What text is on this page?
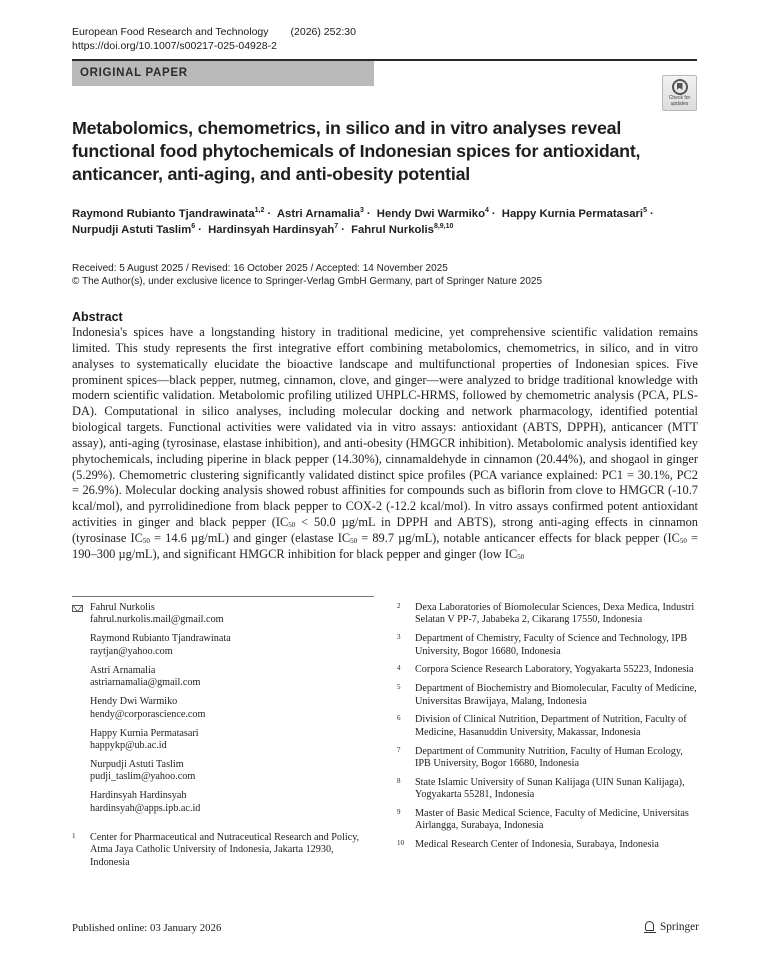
European Food Research and Technology (2026) 252:30
https://doi.org/10.1007/s00217-025-04928-2
ORIGINAL PAPER
Check for
updates
Metabolomics, chemometrics, in silico and in vitro analyses reveal functional food phytochemicals of Indonesian spices for antioxidant, anticancer, anti-aging, and anti-obesity potential
Raymond Rubianto Tjandrawinata$^{1,2}$ · Astri Arnamalia$^3$ · Hendy Dwi Warmiko$^4$ · Happy Kurnia Permatasari$^5$ ·
Nurpudji Astuti Taslim$^6$ · Hardinsyah Hardinsyah$^7$ · Fahrul Nurkolis$^{8,9,10}$
Received: 5 August 2025 / Revised: 16 October 2025 / Accepted: 14 November 2025
© The Author(s), under exclusive licence to Springer-Verlag GmbH Germany, part of Springer Nature 2025
Abstract
Indonesia's spices have a longstanding history in traditional medicine, yet comprehensive scientific validation remains limited. This study represents the first integrative effort combining metabolomics, chemometrics, in silico, and in vitro analyses to systematically elucidate the bioactive landscape and multifunctional properties of Indonesian spices. Five prominent spices—black pepper, nutmeg, cinnamon, clove, and ginger—were analyzed to bridge traditional knowledge with modern scientific validation. Metabolomic profiling utilized UHPLC-HRMS, followed by chemometric analysis (PCA, PLS-DA). Computational in silico analyses, including molecular docking and network pharmacology, identified potential biological targets. Functional activities were validated via in vitro assays: antioxidant (ABTS, DPPH), anticancer (MTT assay), anti-aging (tyrosinase, elastase inhibition), and anti-obesity (HMGCR inhibition). Metabolomic analysis identified key phytochemicals, including piperine in black pepper (14.30%), cinnamaldehyde in cinnamon (20.44%), and shogaol in ginger (5.29%). Chemometric clustering significantly validated distinct spice profiles (PCA variance explained: PC1 = 30.1%, PC2 = 26.9%). Molecular docking analysis showed robust affinities for compounds such as biflorin from clove to HMGCR (-10.7 kcal/mol), and pyrrolidinedione from black pepper to COX-2 (-12.2 kcal/mol). In vitro assays confirmed potent antioxidant activities in ginger and black pepper ($IC_{50} < 50.0$ µg/mL in DPPH and ABTS), strong anti-aging effects in cinnamon (tyrosinase $IC_{50} = 14.6$ µg/mL) and ginger (elastase $IC_{50} = 89.7$ µg/mL), notable anticancer effects for black pepper ($IC_{50} = 190-300$ µg/mL), and significant HMGCR inhibition for black pepper and ginger (low $IC_{50}$
Fahrul Nurkolis
fahrul.nurkolis.mail@gmail.com
Raymond Rubianto Tjandrawinata
raytjan@yahoo.com
Astri Arnamalia
astriarnamalia@gmail.com
Hendy Dwi Warmiko
hendy@corporascience.com
Happy Kurnia Permatasari
happykp@ub.ac.id
Nurpudji Astuti Taslim
pudji_taslim@yahoo.com
Hardinsyah Hardinsyah
hardinsyah@apps.ipb.ac.id
1 Center for Pharmaceutical and Nutraceutical Research and Policy, Atma Jaya Catholic University of Indonesia, Jakarta 12930, Indonesia
2 Dexa Laboratories of Biomolecular Sciences, Dexa Medica, Industri Selatan V PP-7, Jababeka 2, Cikarang 17550, Indonesia
3 Department of Chemistry, Faculty of Science and Technology, IPB University, Bogor 16680, Indonesia
4 Corpora Science Research Laboratory, Yogyakarta 55223, Indonesia
5 Department of Biochemistry and Biomolecular, Faculty of Medicine, Universitas Brawijaya, Malang, Indonesia
6 Division of Clinical Nutrition, Department of Nutrition, Faculty of Medicine, Hasanuddin University, Makassar, Indonesia
7 Department of Community Nutrition, Faculty of Human Ecology, IPB University, Bogor 16680, Indonesia
8 State Islamic University of Sunan Kalijaga (UIN Sunan Kalijaga), Yogyakarta 55281, Indonesia
9 Master of Basic Medical Science, Faculty of Medicine, Universitas Airlangga, Surabaya, Indonesia
10 Medical Research Center of Indonesia, Surabaya, Indonesia
Published online: 03 January 2026	Springer
